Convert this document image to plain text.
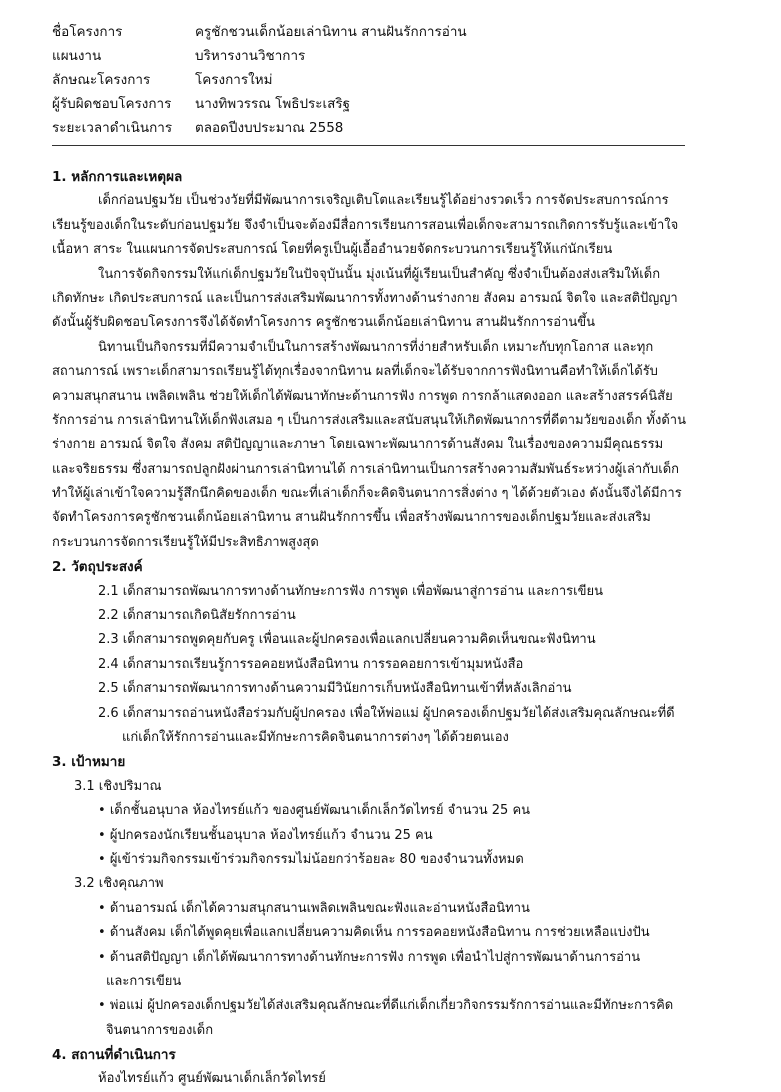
ชื่อโครงการ	ครูชักชวนเด็กน้อยเล่านิทาน สานฝันรักการอ่าน
แผนงาน	บริหารงานวิชาการ
ลักษณะโครงการ	โครงการใหม่
ผู้รับผิดชอบโครงการ นางทิพวรรณ โพธิประเสริฐ
ระยะเวลาดำเนินการ ตลอดปีงบประมาณ 2558
1. หลักการและเหตุผล
เด็กก่อนปฐมวัย เป็นช่วงวัยที่มีพัฒนาการเจริญเติบโตและเรียนรู้ได้อย่างรวดเร็ว การจัดประสบการณ์การ
เรียนรู้ของเด็กในระดับก่อนปฐมวัย จึงจำเป็นจะต้องมีสื่อการเรียนการสอนเพื่อเด็กจะสามารถเกิดการรับรู้และเข้าใจ
เนื้อหา สาระ ในแผนการจัดประสบการณ์ โดยที่ครูเป็นผู้เอื้ออำนวยจัดกระบวนการเรียนรู้ให้แก่นักเรียน
ในการจัดกิจกรรมให้แก่เด็กปฐมวัยในปัจจุบันนั้น มุ่งเน้นที่ผู้เรียนเป็นสำคัญ ซึ่งจำเป็นต้องส่งเสริมให้เด็ก
เกิดทักษะ เกิดประสบการณ์ และเป็นการส่งเสริมพัฒนาการทั้งทางด้านร่างกาย สังคม อารมณ์ จิตใจ และสติปัญญา
ดังนั้นผู้รับผิดชอบโครงการจึงได้จัดทำโครงการ ครูชักชวนเด็กน้อยเล่านิทาน สานฝันรักการอ่านขึ้น
นิทานเป็นกิจกรรมที่มีความจำเป็นในการสร้างพัฒนาการที่ง่ายสำหรับเด็ก เหมาะกับทุกโอกาส และทุก
สถานการณ์ เพราะเด็กสามารถเรียนรู้ได้ทุกเรื่องจากนิทาน ผลที่เด็กจะได้รับจากการฟังนิทานคือทำให้เด็กได้รับ
ความสนุกสนาน เพลิดเพลิน ช่วยให้เด็กได้พัฒนาทักษะด้านการฟัง การพูด การกล้าแสดงออก และสร้างสรรค์นิสัย
รักการอ่าน การเล่านิทานให้เด็กฟังเสมอ ๆ เป็นการส่งเสริมและสนับสนุนให้เกิดพัฒนาการที่ดีตามวัยของเด็ก ทั้งด้าน
ร่างกาย อารมณ์ จิตใจ สังคม สติปัญญาและภาษา โดยเฉพาะพัฒนาการด้านสังคม ในเรื่องของความมีคุณธรรม
และจริยธรรม ซึ่งสามารถปลูกฝังผ่านการเล่านิทานได้ การเล่านิทานเป็นการสร้างความสัมพันธ์ระหว่างผู้เล่ากับเด็ก
ทำให้ผู้เล่าเข้าใจความรู้สึกนึกคิดของเด็ก ขณะที่เล่าเด็กก็จะคิดจินตนาการสิ่งต่าง ๆ ได้ด้วยตัวเอง ดังนั้นจึงได้มีการ
จัดทำโครงการครูชักชวนเด็กน้อยเล่านิทาน สานฝันรักการขึ้น เพื่อสร้างพัฒนาการของเด็กปฐมวัยและส่งเสริม
กระบวนการจัดการเรียนรู้ให้มีประสิทธิภาพสูงสุด
2. วัตถุประสงค์
2.1 เด็กสามารถพัฒนาการทางด้านทักษะการฟัง การพูด เพื่อพัฒนาสู่การอ่าน และการเขียน
2.2 เด็กสามารถเกิดนิสัยรักการอ่าน
2.3 เด็กสามารถพูดคุยกับครู เพื่อนและผู้ปกครองเพื่อแลกเปลี่ยนความคิดเห็นขณะฟังนิทาน
2.4 เด็กสามารถเรียนรู้การรอคอยหนังสือนิทาน การรอคอยการเข้ามุมหนังสือ
2.5 เด็กสามารถพัฒนาการทางด้านความมีวินัยการเก็บหนังสือนิทานเข้าที่หลังเลิกอ่าน
2.6 เด็กสามารถอ่านหนังสือร่วมกับผู้ปกครอง เพื่อให้พ่อแม่ ผู้ปกครองเด็กปฐมวัยได้ส่งเสริมคุณลักษณะที่ดี
แก่เด็กให้รักการอ่านและมีทักษะการคิดจินตนาการต่างๆ ได้ด้วยตนเอง
3. เป้าหมาย
3.1 เชิงปริมาณ
• เด็กชั้นอนุบาล ห้องไทรย์แก้ว ของศูนย์พัฒนาเด็กเล็กวัดไทรย์ จำนวน 25 คน
• ผู้ปกครองนักเรียนชั้นอนุบาล ห้องไทรย์แก้ว จำนวน 25 คน
• ผู้เข้าร่วมกิจกรรมเข้าร่วมกิจกรรมไม่น้อยกว่าร้อยละ 80 ของจำนวนทั้งหมด
3.2 เชิงคุณภาพ
• ด้านอารมณ์ เด็กได้ความสนุกสนานเพลิดเพลินขณะฟังและอ่านหนังสือนิทาน
• ด้านสังคม เด็กได้พูดคุยเพื่อแลกเปลี่ยนความคิดเห็น การรอคอยหนังสือนิทาน การช่วยเหลือแบ่งปัน
• ด้านสติปัญญา เด็กได้พัฒนาการทางด้านทักษะการฟัง การพูด เพื่อนำไปสู่การพัฒนาด้านการอ่าน
และการเขียน
• พ่อแม่ ผู้ปกครองเด็กปฐมวัยได้ส่งเสริมคุณลักษณะที่ดีแก่เด็กเกี่ยวกิจกรรมรักการอ่านและมีทักษะการคิด
จินตนาการของเด็ก
4. สถานที่ดำเนินการ
ห้องไทรย์แก้ว ศูนย์พัฒนาเด็กเล็กวัดไทรย์
